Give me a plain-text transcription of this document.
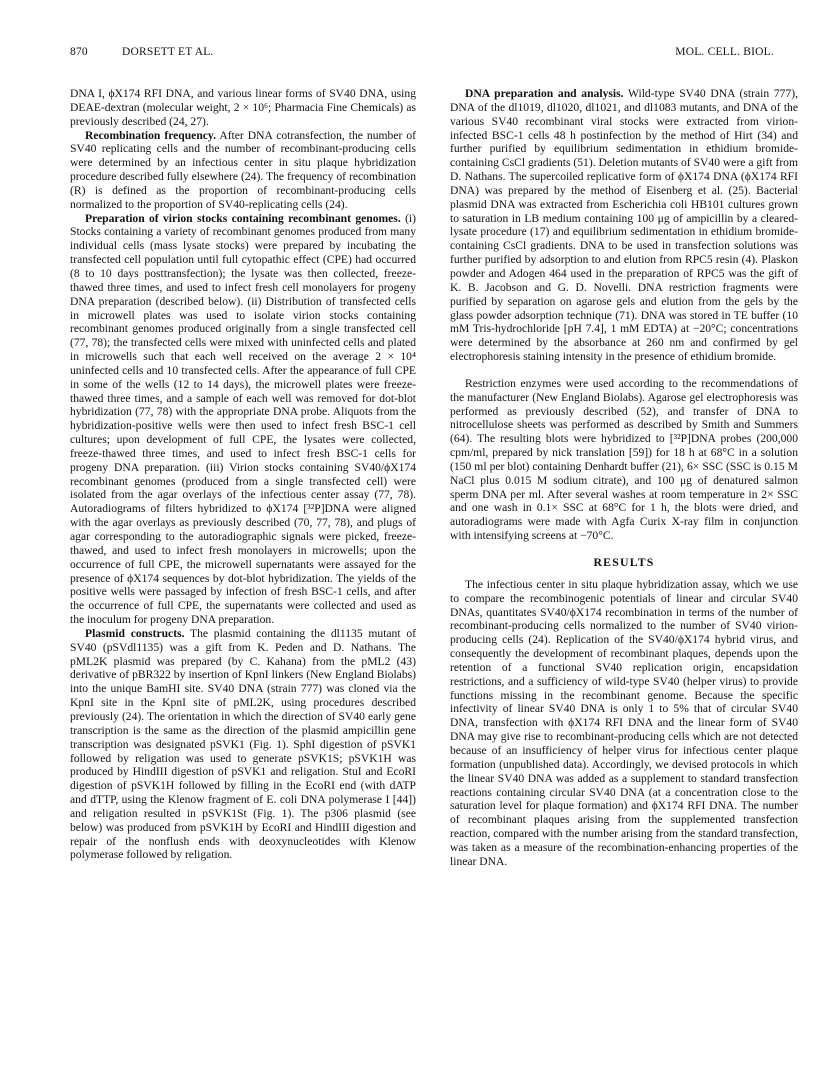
870	DORSETT ET AL.	MOL. CELL. BIOL.

DNA I, ϕX174 RFI DNA, and various linear forms of SV40 DNA, using DEAE-dextran (molecular weight, 2 × 10⁶; Pharmacia Fine Chemicals) as previously described (24, 27).

Recombination frequency. After DNA cotransfection, the number of SV40 replicating cells and the number of recombinant-producing cells were determined by an infectious center in situ plaque hybridization procedure described fully elsewhere (24). The frequency of recombination (R) is defined as the proportion of recombinant-producing cells normalized to the proportion of SV40-replicating cells (24).

Preparation of virion stocks containing recombinant genomes. (i) Stocks containing a variety of recombinant genomes produced from many individual cells (mass lysate stocks) were prepared by incubating the transfected cell population until full cytopathic effect (CPE) had occurred (8 to 10 days posttransfection); the lysate was then collected, freeze-thawed three times, and used to infect fresh cell monolayers for progeny DNA preparation (described below). (ii) Distribution of transfected cells in microwell plates was used to isolate virion stocks containing recombinant genomes produced originally from a single transfected cell (77, 78); the transfected cells were mixed with uninfected cells and plated in microwells such that each well received on the average 2 × 10⁴ uninfected cells and 10 transfected cells. After the appearance of full CPE in some of the wells (12 to 14 days), the microwell plates were freeze-thawed three times, and a sample of each well was removed for dot-blot hybridization (77, 78) with the appropriate DNA probe. Aliquots from the hybridization-positive wells were then used to infect fresh BSC-1 cell cultures; upon development of full CPE, the lysates were collected, freeze-thawed three times, and used to infect fresh BSC-1 cells for progeny DNA preparation. (iii) Virion stocks containing SV40/ϕX174 recombinant genomes (produced from a single transfected cell) were isolated from the agar overlays of the infectious center assay (77, 78). Autoradiograms of filters hybridized to ϕX174 [³²P]DNA were aligned with the agar overlays as previously described (70, 77, 78), and plugs of agar corresponding to the autoradiographic signals were picked, freeze-thawed, and used to infect fresh monolayers in microwells; upon the occurrence of full CPE, the microwell supernatants were assayed for the presence of ϕX174 sequences by dot-blot hybridization. The yields of the positive wells were passaged by infection of fresh BSC-1 cells, and after the occurrence of full CPE, the supernatants were collected and used as the inoculum for progeny DNA preparation.

Plasmid constructs. The plasmid containing the dl1135 mutant of SV40 (pSVdl1135) was a gift from K. Peden and D. Nathans. The pML2K plasmid was prepared (by C. Kahana) from the pML2 (43) derivative of pBR322 by insertion of KpnI linkers (New England Biolabs) into the unique BamHI site. SV40 DNA (strain 777) was cloned via the KpnI site in the KpnI site of pML2K, using procedures described previously (24). The orientation in which the direction of SV40 early gene transcription is the same as the direction of the plasmid ampicillin gene transcription was designated pSVK1 (Fig. 1). SphI digestion of pSVK1 followed by religation was used to generate pSVK1S; pSVK1H was produced by HindIII digestion of pSVK1 and religation. StuI and EcoRI digestion of pSVK1H followed by filling in the EcoRI end (with dATP and dTTP, using the Klenow fragment of E. coli DNA polymerase I [44]) and religation resulted in pSVK1St (Fig. 1). The p306 plasmid (see below) was produced from pSVK1H by EcoRI and HindIII digestion and repair of the nonflush ends with deoxynucleotides with Klenow polymerase followed by religation.

DNA preparation and analysis. Wild-type SV40 DNA (strain 777), DNA of the dl1019, dl1020, dl1021, and dl1083 mutants, and DNA of the various SV40 recombinant viral stocks were extracted from virion-infected BSC-1 cells 48 h postinfection by the method of Hirt (34) and further purified by equilibrium sedimentation in ethidium bromide-containing CsCl gradients (51). Deletion mutants of SV40 were a gift from D. Nathans. The supercoiled replicative form of ϕX174 DNA (ϕX174 RFI DNA) was prepared by the method of Eisenberg et al. (25). Bacterial plasmid DNA was extracted from Escherichia coli HB101 cultures grown to saturation in LB medium containing 100 μg of ampicillin by a cleared-lysate procedure (17) and equilibrium sedimentation in ethidium bromide-containing CsCl gradients. DNA to be used in transfection solutions was further purified by adsorption to and elution from RPC5 resin (4). Plaskon powder and Adogen 464 used in the preparation of RPC5 was the gift of K. B. Jacobson and G. D. Novelli. DNA restriction fragments were purified by separation on agarose gels and elution from the gels by the glass powder adsorption technique (71). DNA was stored in TE buffer (10 mM Tris-hydrochloride [pH 7.4], 1 mM EDTA) at −20°C; concentrations were determined by the absorbance at 260 nm and confirmed by gel electrophoresis staining intensity in the presence of ethidium bromide.

Restriction enzymes were used according to the recommendations of the manufacturer (New England Biolabs). Agarose gel electrophoresis was performed as previously described (52), and transfer of DNA to nitrocellulose sheets was performed as described by Smith and Summers (64). The resulting blots were hybridized to [³²P]DNA probes (200,000 cpm/ml, prepared by nick translation [59]) for 18 h at 68°C in a solution (150 ml per blot) containing Denhardt buffer (21), 6× SSC (SSC is 0.15 M NaCl plus 0.015 M sodium citrate), and 100 μg of denatured salmon sperm DNA per ml. After several washes at room temperature in 2× SSC and one wash in 0.1× SSC at 68°C for 1 h, the blots were dried, and autoradiograms were made with Agfa Curix X-ray film in conjunction with intensifying screens at −70°C.

RESULTS

The infectious center in situ plaque hybridization assay, which we use to compare the recombinogenic potentials of linear and circular SV40 DNAs, quantitates SV40/ϕX174 recombination in terms of the number of recombinant-producing cells normalized to the number of SV40 virion-producing cells (24). Replication of the SV40/ϕX174 hybrid virus, and consequently the development of recombinant plaques, depends upon the retention of a functional SV40 replication origin, encapsidation restrictions, and a sufficiency of wild-type SV40 (helper virus) to provide functions missing in the recombinant genome. Because the specific infectivity of linear SV40 DNA is only 1 to 5% that of circular SV40 DNA, transfection with ϕX174 RFI DNA and the linear form of SV40 DNA may give rise to recombinant-producing cells which are not detected because of an insufficiency of helper virus for infectious center plaque formation (unpublished data). Accordingly, we devised protocols in which the linear SV40 DNA was added as a supplement to standard transfection reactions containing circular SV40 DNA (at a concentration close to the saturation level for plaque formation) and ϕX174 RFI DNA. The number of recombinant plaques arising from the supplemented transfection reaction, compared with the number arising from the standard transfection, was taken as a measure of the recombination-enhancing properties of the linear DNA.
